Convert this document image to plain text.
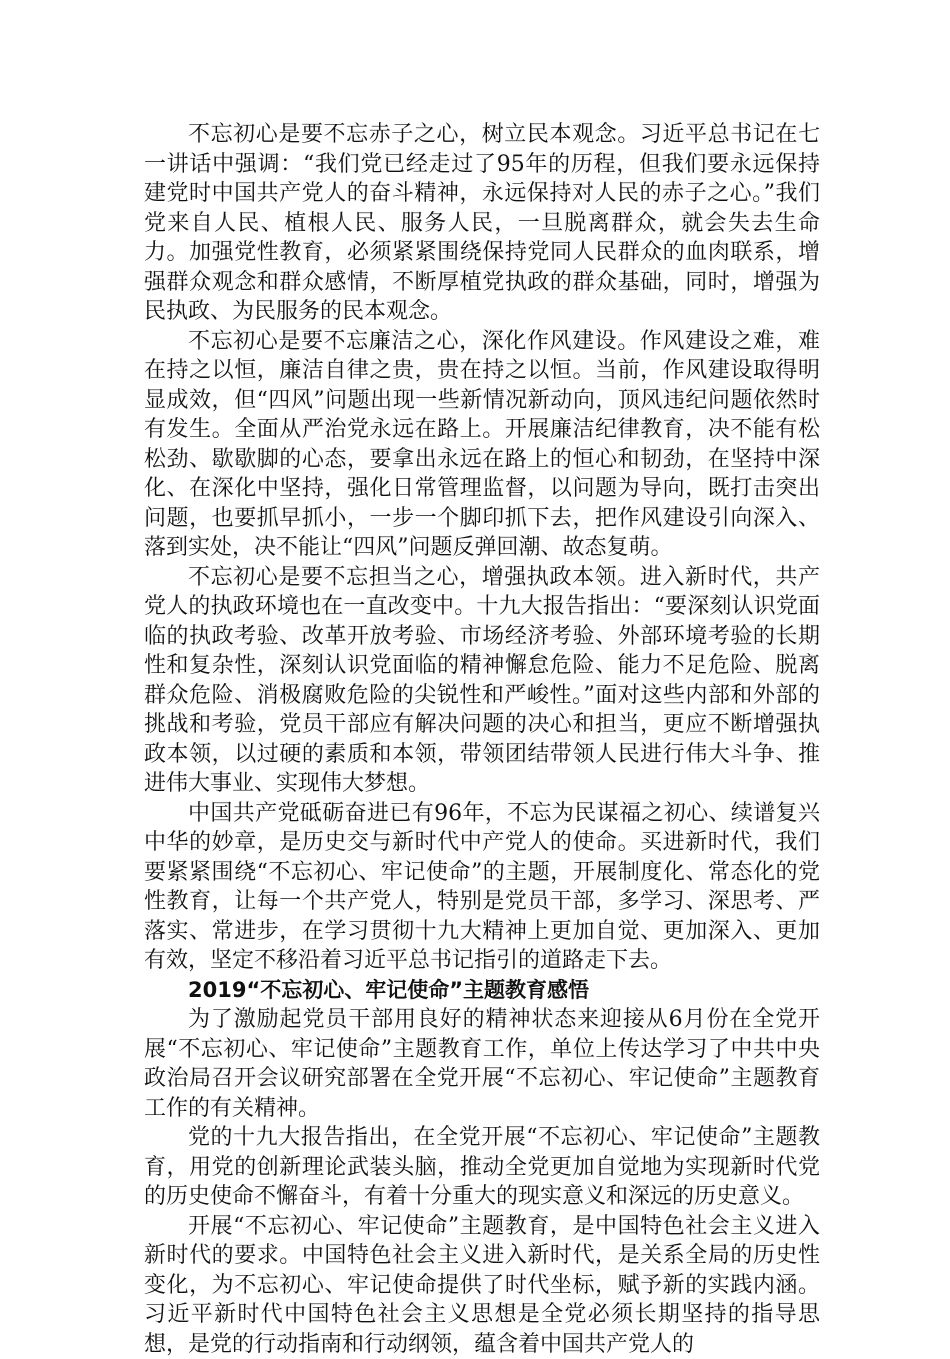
不忘初心是要不忘赤子之心，树立民本观念。习近平总书记在七一讲话中强调：“我们党已经走过了95年的历程，但我们要永远保持建党时中国共产党人的奋斗精神，永远保持对人民的赤子之心。”我们党来自人民、植根人民、服务人民，一旦脱离群众，就会失去生命力。加强党性教育，必须紧紧围绕保持党同人民群众的血肉联系，增强群众观念和群众感情，不断厚植党执政的群众基础，同时，增强为民执政、为民服务的民本观念。

不忘初心是要不忘廉洁之心，深化作风建设。作风建设之难，难在持之以恒，廉洁自律之贵，贵在持之以恒。当前，作风建设取得明显成效，但“四风”问题出现一些新情况新动向，顶风违纪问题依然时有发生。全面从严治党永远在路上。开展廉洁纪律教育，决不能有松松劲、歇歇脚的心态，要拿出永远在路上的恒心和韧劲，在坚持中深化、在深化中坚持，强化日常管理监督，以问题为导向，既打击突出问题，也要抓早抓小，一步一个脚印抓下去，把作风建设引向深入、落到实处，决不能让“四风”问题反弹回潮、故态复萌。

不忘初心是要不忘担当之心，增强执政本领。进入新时代，共产党人的执政环境也在一直改变中。十九大报告指出：“要深刻认识党面临的执政考验、改革开放考验、市场经济考验、外部环境考验的长期性和复杂性，深刻认识党面临的精神懈怠危险、能力不足危险、脱离群众危险、消极腐败危险的尖锐性和严峻性。”面对这些内部和外部的挑战和考验，党员干部应有解决问题的决心和担当，更应不断增强执政本领，以过硬的素质和本领，带领团结带领人民进行伟大斗争、推进伟大事业、实现伟大梦想。

中国共产党砥砺奋进已有96年，不忘为民谋福之初心、续谱复兴中华的妙章，是历史交与新时代中产党人的使命。买进新时代，我们要紧紧围绕“不忘初心、牢记使命”的主题，开展制度化、常态化的党性教育，让每一个共产党人，特别是党员干部，多学习、深思考、严落实、常进步，在学习贯彻十九大精神上更加自觉、更加深入、更加有效，坚定不移沿着习近平总书记指引的道路走下去。

2019“不忘初心、牢记使命”主题教育感悟

为了激励起党员干部用良好的精神状态来迎接从6月份在全党开展“不忘初心、牢记使命”主题教育工作，单位上传达学习了中共中央政治局召开会议研究部署在全党开展“不忘初心、牢记使命”主题教育工作的有关精神。

党的十九大报告指出，在全党开展“不忘初心、牢记使命”主题教育，用党的创新理论武装头脑，推动全党更加自觉地为实现新时代党的历史使命不懈奋斗，有着十分重大的现实意义和深远的历史意义。

开展“不忘初心、牢记使命”主题教育，是中国特色社会主义进入新时代的要求。中国特色社会主义进入新时代，是关系全局的历史性变化，为不忘初心、牢记使命提供了时代坐标，赋予新的实践内涵。习近平新时代中国特色社会主义思想是全党必须长期坚持的指导思想，是党的行动指南和行动纲领，蕴含着中国共产党人的
